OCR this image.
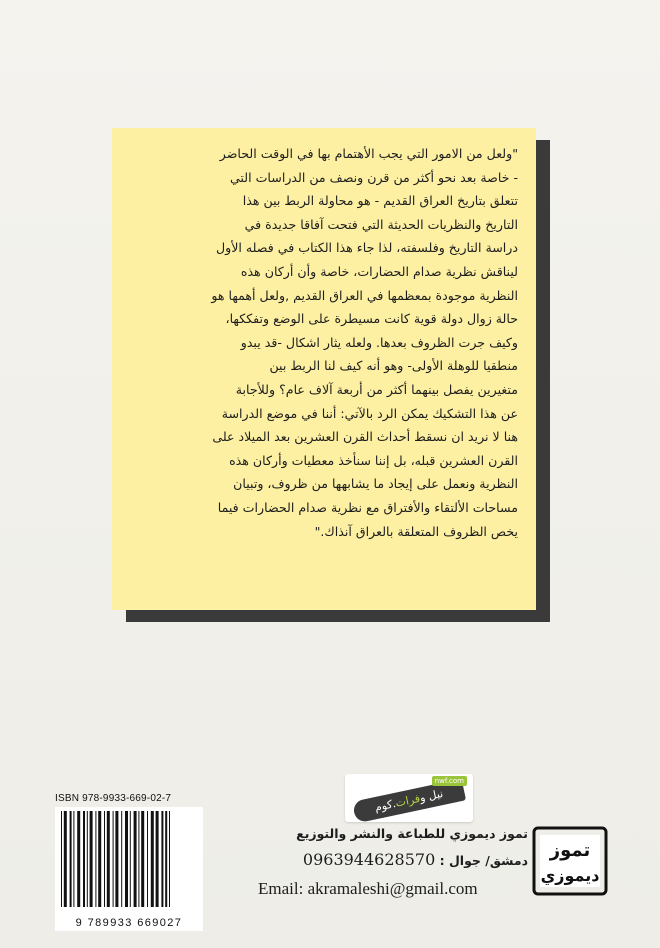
"ولعل من الامور التي يجب الأهتمام بها في الوقت الحاضر
- خاصة بعد نحو أكثر من قرن ونصف من الدراسات التي
تتعلق بتاريخ العراق القديم - هو محاولة الربط بين هذا
التاريخ والنظريات الحديثة التي فتحت آفاقا جديدة في
دراسة التاريخ وفلسفته، لذا جاء هذا الكتاب في فصله الأول
ليناقش نظرية صدام الحضارات، خاصة وأن أركان هذه
النظرية موجودة بمعظمها في العراق القديم ,ولعل أهمها هو
حالة زوال دولة قوية كانت مسيطرة على الوضع وتفككها،
وكيف جرت الظروف بعدها. ولعله يثار اشكال -قد يبدو
منطقيا للوهلة الأولى- وهو أنه كيف لنا الربط بين
متغيرين يفصل بينهما أكثر من أربعة آلاف عام؟ وللأجابة
عن هذا التشكيك يمكن الرد بالآتي: أننا في موضع الدراسة
هنا لا نريد ان نسقط أحداث القرن العشرين بعد الميلاد على
القرن العشرين قبله، بل إننا سنأخذ معطيات وأركان هذه
النظرية ونعمل على إيجاد ما يشابهها من ظروف، وتبيان
مساحات الألتقاء والأفتراق مع نظرية صدام الحضارات فيما
يخص الظروف المتعلقة بالعراق آنذاك."

نيل وفرات.كوم
nwf.com

ISBN 978-9933-669-02-7

9 789933 669027

تموز ديموزي للطباعة والنشر والتوزيع

دمشق/ جوال : 0963944628570
Email: akramaleshi@gmail.com
تموز
ديموزي
